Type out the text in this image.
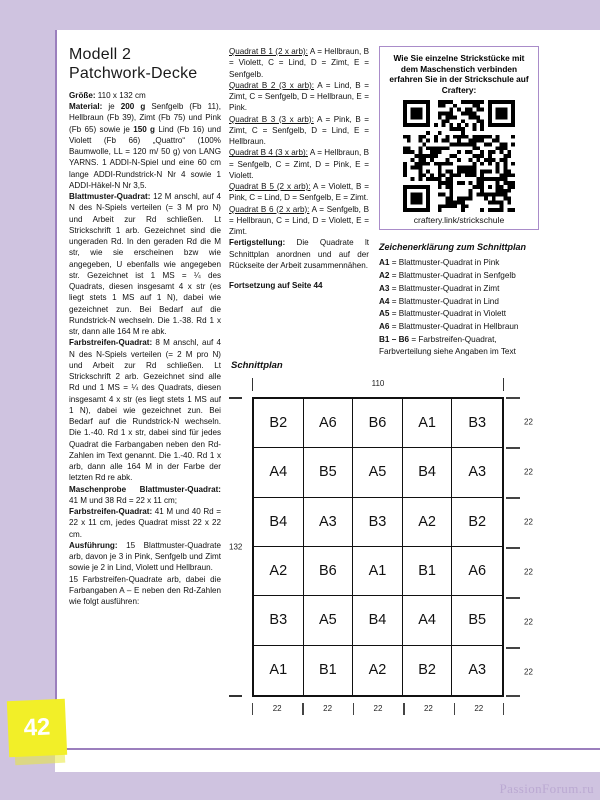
Modell 2
Patchwork-Decke

Größe: 110 x 132 cm

Material: je 200 g Senfgelb (Fb 11), Hellbraun (Fb 39), Zimt (Fb 75) und Pink (Fb 65) sowie je 150 g Lind (Fb 16) und Violett (Fb 66) „Quattro“ (100% Baumwolle, LL = 120 m/ 50 g) von LANG YARNS. 1 ADDI-N-Spiel und eine 60 cm lange ADDI-Rundstrick-N Nr 4 sowie 1 ADDI-Häkel-N Nr 3,5.

Blattmuster-Quadrat: 12 M anschl, auf 4 N des N-Spiels verteilen (= 3 M pro N) und Arbeit zur Rd schließen. Lt Strickschrift 1 arb. Gezeichnet sind die ungeraden Rd. In den geraden Rd die M str, wie sie erscheinen bzw wie angegeben, U ebenfalls wie angegeben str. Gezeichnet ist 1 MS = ¼ des Quadrats, diesen insgesamt 4 x str (es liegt stets 1 MS auf 1 N), dabei wie gezeichnet zun. Bei Bedarf auf die Rundstrick-N wechseln. Die 1.-38. Rd 1 x str, dann alle 164 M re abk.

Farbstreifen-Quadrat: 8 M anschl, auf 4 N des N-Spiels verteilen (= 2 M pro N) und Arbeit zur Rd schließen. Lt Strickschrift 2 arb. Gezeichnet sind alle Rd und 1 MS = ¼ des Quadrats, diesen insgesamt 4 x str (es liegt stets 1 MS auf 1 N), dabei wie gezeichnet zun. Bei Bedarf auf die Rundstrick-N wechseln. Die 1.-40. Rd 1 x str, dabei sind für jedes Quadrat die Farbangaben neben den Rd-Zahlen im Text genannt. Die 1.-40. Rd 1 x arb, dann alle 164 M in der Farbe der letzten Rd re abk.

Maschenprobe Blattmuster-Quadrat: 41 M und 38 Rd = 22 x 11 cm;

Farbstreifen-Quadrat: 41 M und 40 Rd = 22 x 11 cm, jedes Quadrat misst 22 x 22 cm.

Ausführung: 15 Blattmuster-Quadrate arb, davon je 3 in Pink, Senfgelb und Zimt sowie je 2 in Lind, Violett und Hellbraun.

15 Farbstreifen-Quadrate arb, dabei die Farbangaben A – E neben den Rd-Zahlen wie folgt ausführen:

Quadrat B 1 (2 x arb): A = Hellbraun, B = Violett, C = Lind, D = Zimt, E = Senfgelb.

Quadrat B 2 (3 x arb): A = Lind, B = Zimt, C = Senfgelb, D = Hellbraun, E = Pink.

Quadrat B 3 (3 x arb): A = Pink, B = Zimt, C = Senfgelb, D = Lind, E = Hellbraun.

Quadrat B 4 (3 x arb): A = Hellbraun, B = Senfgelb, C = Zimt, D = Pink, E = Violett.

Quadrat B 5 (2 x arb): A = Violett, B = Pink, C = Lind, D = Senfgelb, E = Zimt.

Quadrat B 6 (2 x arb): A = Senfgelb, B = Hellbraun, C = Lind, D = Violett, E = Zimt.

Fertigstellung: Die Quadrate lt Schnittplan anordnen und auf der Rückseite der Arbeit zusammennähen.

Fortsetzung auf Seite 44

Wie Sie einzelne Strickstücke mit dem Maschenstich verbinden erfahren Sie in der Strickschule auf Craftery:
craftery.link/strickschule
Zeichenerklärung zum Schnittplan
A1 = Blattmuster-Quadrat in Pink
A2 = Blattmuster-Quadrat in Senfgelb
A3 = Blattmuster-Quadrat in Zimt
A4 = Blattmuster-Quadrat in Lind
A5 = Blattmuster-Quadrat in Violett
A6 = Blattmuster-Quadrat in Hellbraun
B1 – B6 = Farbstreifen-Quadrat,
Farbverteilung siehe Angaben im Text
Schnittplan
110
132
B2	A6	B6	A1	B3
A4	B5	A5	B4	A3
B4	A3	B3	A2	B2
A2	B6	A1	B1	A6
B3	A5	B4	A4	B5
A1	B1	A2	B2	A3
22
22
22
22
22
22
22	22	22	22	22
42
PassionForum.ru
